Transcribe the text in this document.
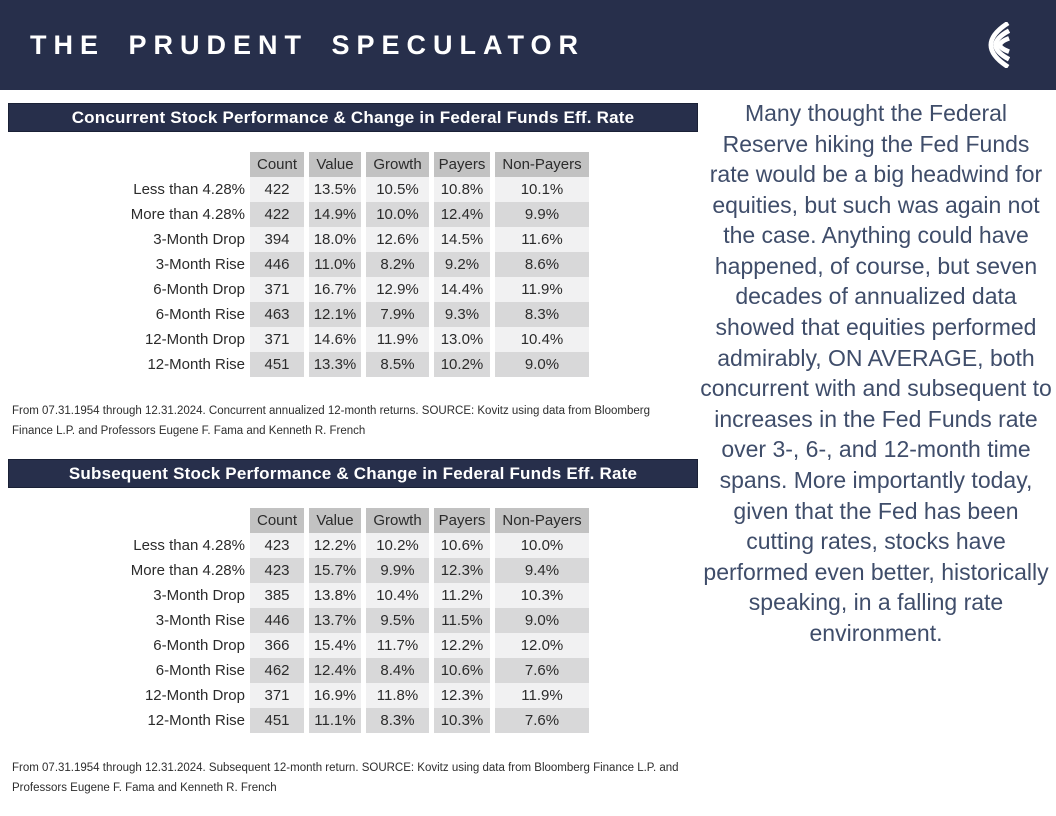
THE PRUDENT SPECULATOR
Concurrent Stock Performance & Change in Federal Funds Eff. Rate
	Count	Value	Growth	Payers	Non-Payers
Less than 4.28%	422	13.5%	10.5%	10.8%	10.1%
More than 4.28%	422	14.9%	10.0%	12.4%	9.9%
3-Month Drop	394	18.0%	12.6%	14.5%	11.6%
3-Month Rise	446	11.0%	8.2%	9.2%	8.6%
6-Month Drop	371	16.7%	12.9%	14.4%	11.9%
6-Month Rise	463	12.1%	7.9%	9.3%	8.3%
12-Month Drop	371	14.6%	11.9%	13.0%	10.4%
12-Month Rise	451	13.3%	8.5%	10.2%	9.0%
From 07.31.1954 through 12.31.2024. Concurrent annualized 12-month returns. SOURCE: Kovitz using data from Bloomberg Finance L.P. and Professors Eugene F. Fama and Kenneth R. French
Subsequent Stock Performance & Change in Federal Funds Eff. Rate
	Count	Value	Growth	Payers	Non-Payers
Less than 4.28%	423	12.2%	10.2%	10.6%	10.0%
More than 4.28%	423	15.7%	9.9%	12.3%	9.4%
3-Month Drop	385	13.8%	10.4%	11.2%	10.3%
3-Month Rise	446	13.7%	9.5%	11.5%	9.0%
6-Month Drop	366	15.4%	11.7%	12.2%	12.0%
6-Month Rise	462	12.4%	8.4%	10.6%	7.6%
12-Month Drop	371	16.9%	11.8%	12.3%	11.9%
12-Month Rise	451	11.1%	8.3%	10.3%	7.6%
From 07.31.1954 through 12.31.2024. Subsequent 12-month return. SOURCE: Kovitz using data from Bloomberg Finance L.P. and Professors Eugene F. Fama and Kenneth R. French
Many thought the Federal Reserve hiking the Fed Funds rate would be a big headwind for equities, but such was again not the case. Anything could have happened, of course, but seven decades of annualized data showed that equities performed admirably, ON AVERAGE, both concurrent with and subsequent to increases in the Fed Funds rate over 3-, 6-, and 12-month time spans. More importantly today, given that the Fed has been cutting rates, stocks have performed even better, historically speaking, in a falling rate environment.
